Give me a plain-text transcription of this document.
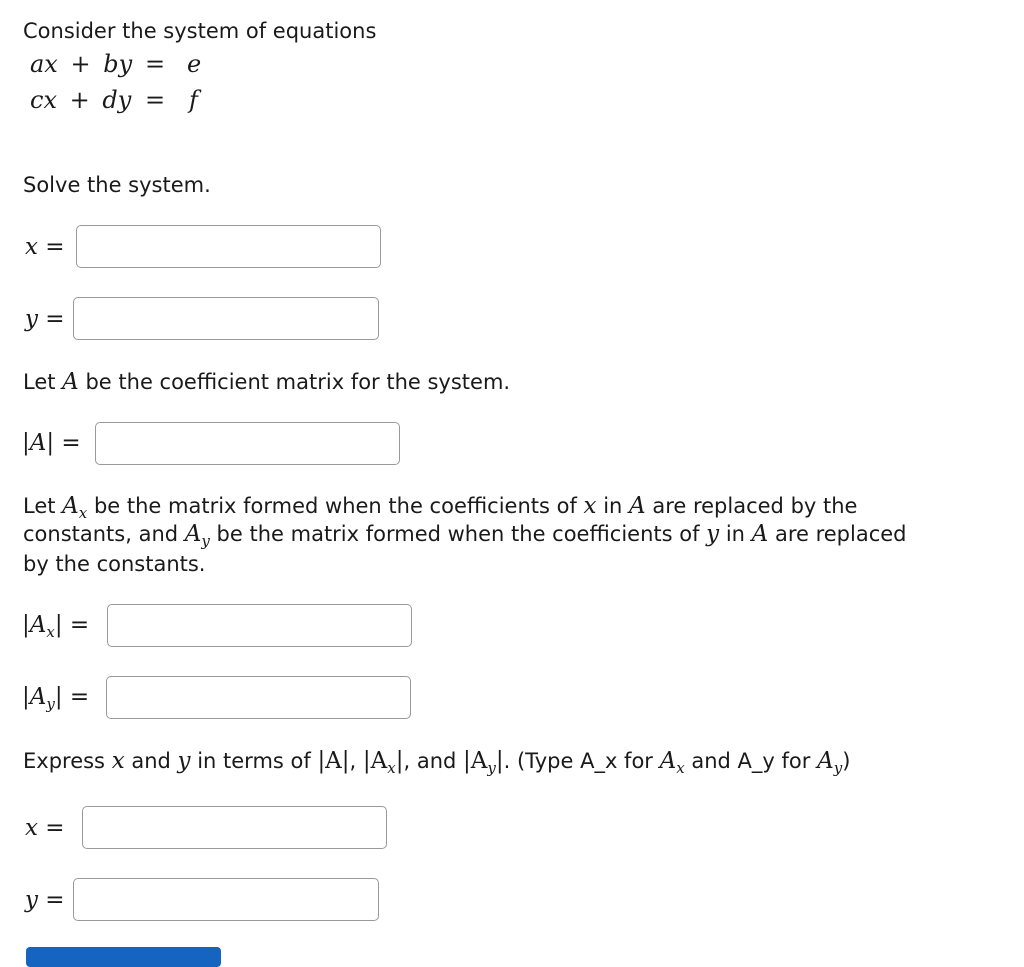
Consider the system of equations
ax + by = e
cx + dy = f
Solve the system.
x =
y =
Let A be the coefficient matrix for the system.
|A| =
Let $A_x$ be the matrix formed when the coefficients of x in A are replaced by the
constants, and $A_y$ be the matrix formed when the coefficients of y in A are replaced
by the constants.
$|A_x|$ =
$|A_y|$ =
Express x and y in terms of |A|, $|A_x|$, and $|A_y|$. (Type A_x for $A_x$ and A_y for $A_y$)
x =
y =
